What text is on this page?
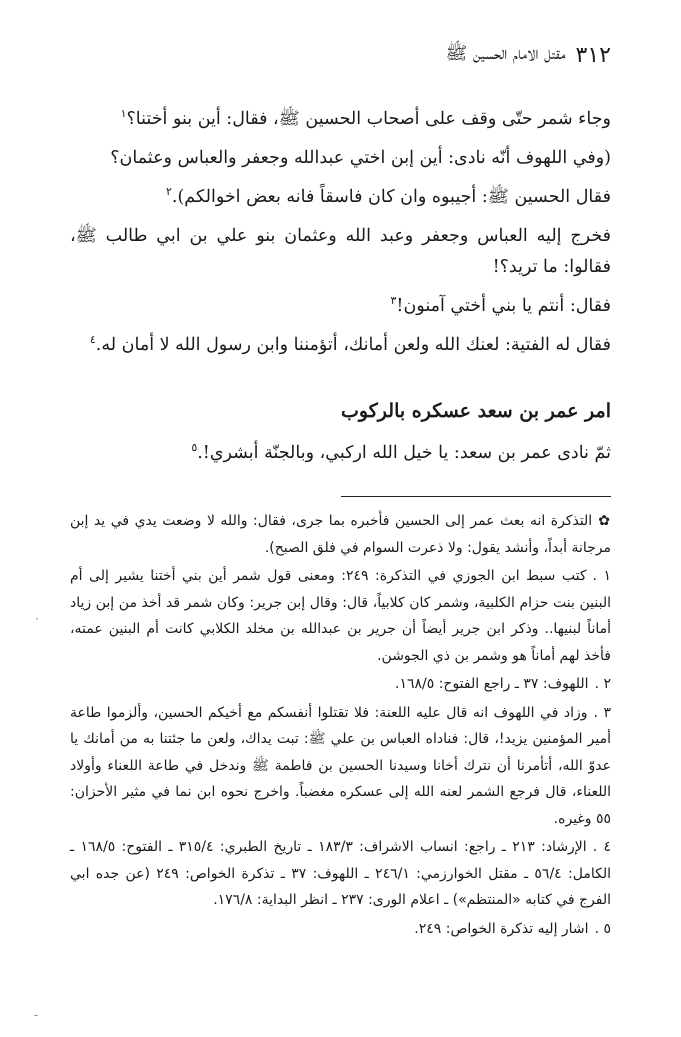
٣١٢
مقتل الامام الحسين ﷺ

وجاء شمر حتّى وقف على أصحاب الحسين ﷺ، فقال: أين بنو أختنا؟$^١$

(وفي اللهوف أنّه نادى: أين إبن اختي عبدالله وجعفر والعباس وعثمان؟

فقال الحسين ﷺ: أجيبوه وان كان فاسقاً فانه بعض اخوالكم).$^٢$

فخرج إليه العباس وجعفر وعبد الله وعثمان بنو علي بن ابي طالب ﷺ، فقالوا: ما تريد؟!

فقال: أنتم يا بني أختي آمنون!$^٣$

فقال له الفتية: لعنك الله ولعن أمانك، أتؤمننا وابن رسول الله لا أمان له.$^٤$

امر عمر بن سعد عسكره بالركوب
ثمّ نادى عمر بن سعد: يا خيل الله اركبي، وبالجنّة أبشري!.$^٥$

✿التذكرة انه بعث عمر إلى الحسين فأخبره بما جرى، فقال: والله لا وضعت يدي في يد إبن مرجانة أبداً، وأنشد يقول: ولا ذعرت السوام في فلق الصبح).

١ .كتب سبط ابن الجوزي في التذكرة: ٢٤٩: ومعنى قول شمر أين بني أختنا يشير إلى أم البنين بنت حزام الكلبية، وشمر كان كلابياً، قال: وقال إبن جرير: وكان شمر قد أخذ من إبن زياد أماناً لبنيها.. وذكر ابن جرير أيضاً أن جرير بن عبدالله بن مخلد الكلابي كانت أم البنين عمته، فأخذ لهم أماناً هو وشمر بن ذي الجوشن.

٢ .اللهوف: ٣٧ ـ راجع الفتوح: ١٦٨/٥.

٣ .وزاد في اللهوف انه قال عليه اللعنة: فلا تقتلوا أنفسكم مع أخيكم الحسين، وألزموا طاعة أمير المؤمنين يزيد!، قال: فناداه العباس بن علي ﷺ: تبت يداك، ولعن ما جئتنا به من أمانك يا عدوّ الله، أتأمرنا أن نترك أخانا وسيدنا الحسين بن فاطمة ﷺ وندخل في طاعة اللعناء وأولاد اللعناء، قال فرجع الشمر لعنه الله إلى عسكره مغضباً. واخرج نحوه ابن نما في مثير الأحزان: ٥٥ وغيره.

٤ .الإرشاد: ٢١٣ ـ راجع: انساب الاشراف: ١٨٣/٣ ـ تاريخ الطبري: ٣١٥/٤ ـ الفتوح: ١٦٨/٥ ـ الكامل: ٥٦/٤ ـ مقتل الخوارزمي: ٢٤٦/١ ـ اللهوف: ٣٧ ـ تذكرة الخواص: ٢٤٩ (عن جده ابي الفرج في كتابه «المنتظم») ـ اعلام الورى: ٢٣٧ ـ انظر البداية: ١٧٦/٨.

٥ .اشار إليه تذكرة الخواص: ٢٤٩.

·
-
